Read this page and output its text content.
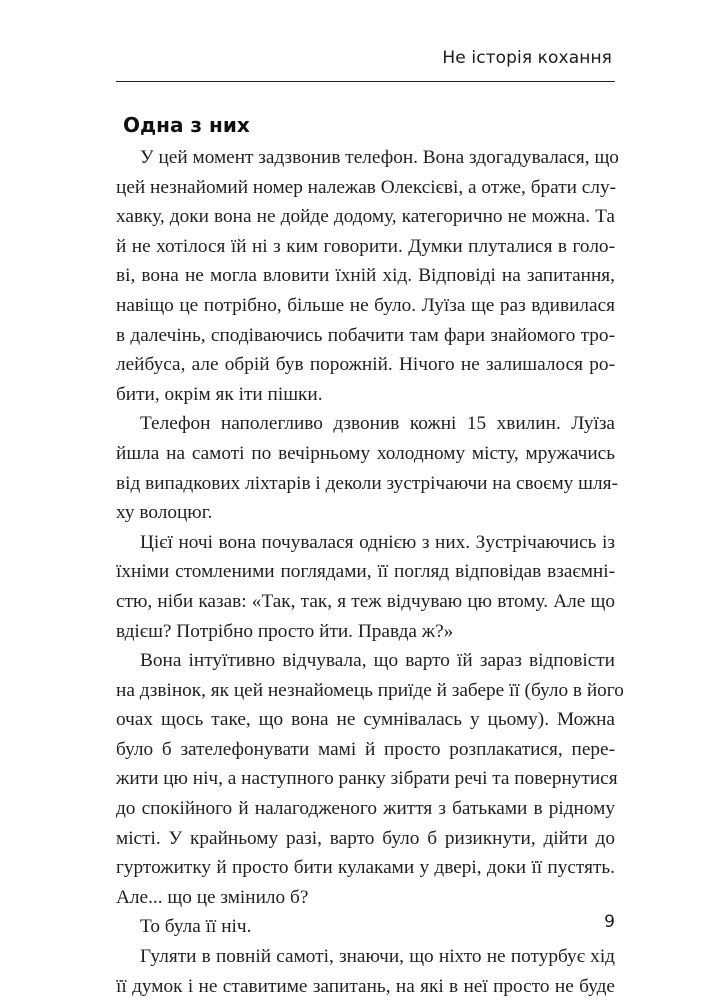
Не історія кохання
Одна з них
У цей момент задзвонив телефон. Вона здогадувалася, що
цей незнайомий номер належав Олексієві, а отже, брати слу-
хавку, доки вона не дойде додому, категорично не можна. Та
й не хотілося їй ні з ким говорити. Думки плуталися в голо-
ві, вона не могла вловити їхній хід. Відповіді на запитання,
навіщо це потрібно, більше не було. Луїза ще раз вдивилася
в далечінь, сподіваючись побачити там фари знайомого тро-
лейбуса, але обрій був порожній. Нічого не залишалося ро-
бити, окрім як іти пішки.
Телефон наполегливо дзвонив кожні 15 хвилин. Луїза
йшла на самоті по вечірньому холодному місту, мружачись
від випадкових ліхтарів і деколи зустрічаючи на своєму шля-
ху волоцюг.
Цієї ночі вона почувалася однією з них. Зустрічаючись із
їхніми стомленими поглядами, її погляд відповідав взаємні-
стю, ніби казав: «Так, так, я теж відчуваю цю втому. Але що
вдієш? Потрібно просто йти. Правда ж?»
Вона інтуїтивно відчувала, що варто їй зараз відповісти
на дзвінок, як цей незнайомець приїде й забере її (було в його
очах щось таке, що вона не сумнівалась у цьому). Можна
було б зателефонувати мамі й просто розплакатися, пере-
жити цю ніч, а наступного ранку зібрати речі та повернутися
до спокійного й налагодженого життя з батьками в рідному
місті. У крайньому разі, варто було б ризикнути, дійти до
гуртожитку й просто бити кулаками у двері, доки її пустять.
Але... що це змінило б?
То була її ніч.
Гуляти в повній самоті, знаючи, що ніхто не потурбує хід
її думок і не ставитиме запитань, на які в неї просто не буде
9
